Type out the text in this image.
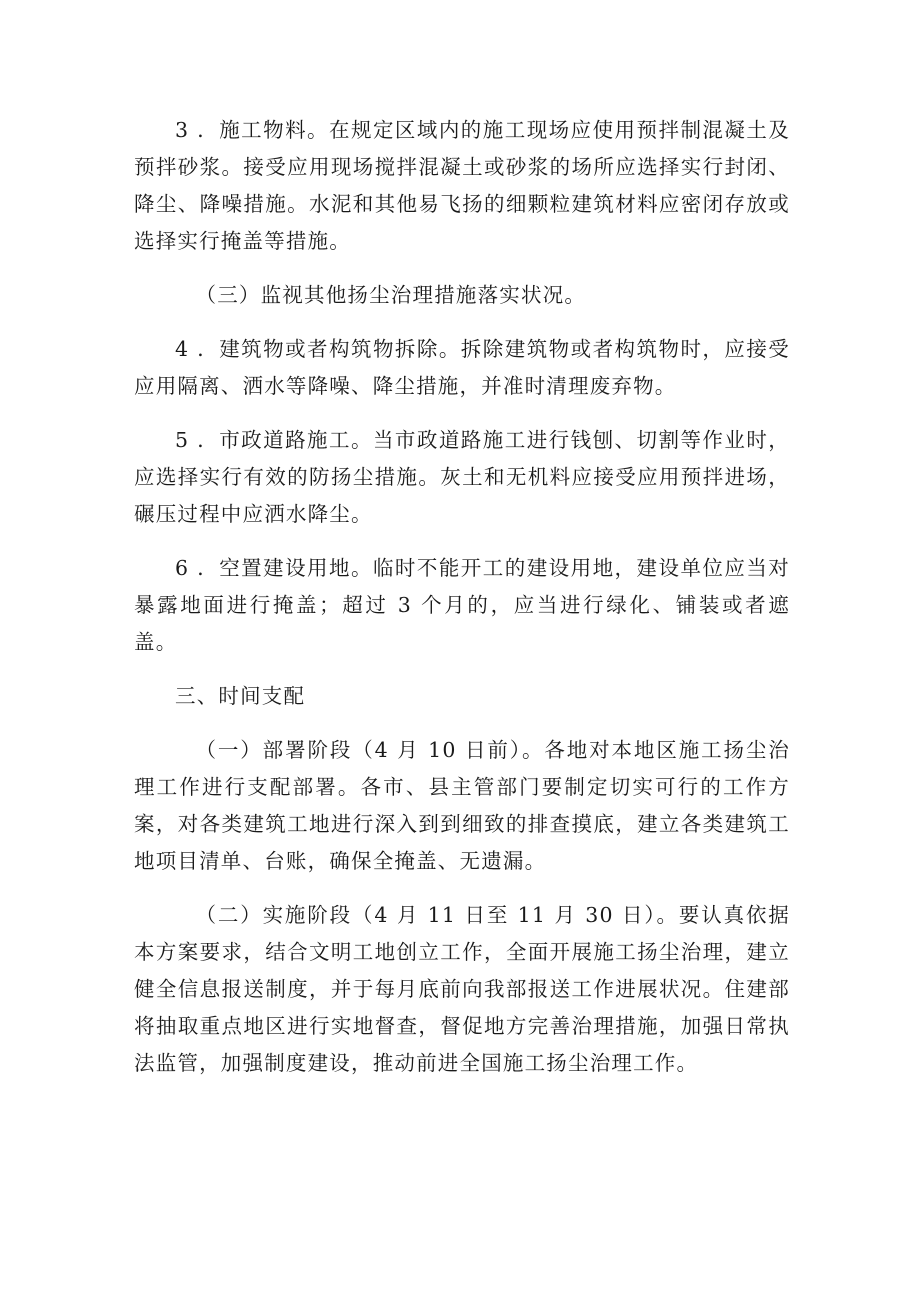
3 ．施工物料。在规定区域内的施工现场应使用预拌制混凝土及预拌砂浆。接受应用现场搅拌混凝土或砂浆的场所应选择实行封闭、降尘、降噪措施。水泥和其他易飞扬的细颗粒建筑材料应密闭存放或选择实行掩盖等措施。

（三）监视其他扬尘治理措施落实状况。

4 ．建筑物或者构筑物拆除。拆除建筑物或者构筑物时，应接受应用隔离、洒水等降噪、降尘措施，并准时清理废弃物。

5 ．市政道路施工。当市政道路施工进行钱刨、切割等作业时，应选择实行有效的防扬尘措施。灰土和无机料应接受应用预拌进场，碾压过程中应洒水降尘。

6 ．空置建设用地。临时不能开工的建设用地，建设单位应当对暴露地面进行掩盖；超过 3 个月的，应当进行绿化、铺装或者遮盖。

三、时间支配

（一）部署阶段（4 月 10 日前）。各地对本地区施工扬尘治理工作进行支配部署。各市、县主管部门要制定切实可行的工作方案，对各类建筑工地进行深入到到细致的排查摸底，建立各类建筑工地项目清单、台账，确保全掩盖、无遗漏。

（二）实施阶段（4 月 11 日至 11 月 30 日）。要认真依据本方案要求，结合文明工地创立工作，全面开展施工扬尘治理，建立健全信息报送制度，并于每月底前向我部报送工作进展状况。住建部将抽取重点地区进行实地督查，督促地方完善治理措施，加强日常执法监管，加强制度建设，推动前进全国施工扬尘治理工作。
